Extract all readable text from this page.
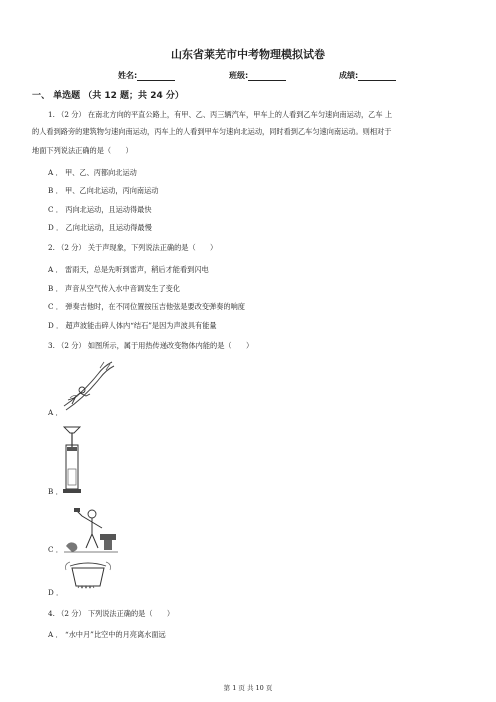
山东省莱芜市中考物理模拟试卷
姓名:	班级:	成绩:
一、 单选题 （共 12 题；共 24 分）
1. （2 分） 在南北方向的平直公路上，有甲、乙、丙三辆汽车，甲车上的人看到乙车匀速向南运动，乙车 上
的人看到路旁的建筑物匀速向南运动，丙车上的人看到甲车匀速向北运动，同时看到乙车匀速向南运动。则相对于
地面下列说法正确的是（　　）
A ． 甲、乙、丙都向北运动
B ． 甲、乙向北运动，丙向南运动
C ． 丙向北运动，且运动得最快
D ． 乙向北运动，且运动得最慢
2. （2 分） 关于声现象，下列说法正确的是（　　）
A ． 雷雨天，总是先听到雷声，稍后才能看到闪电
B ． 声音从空气传入水中音调发生了变化
C ． 弹奏吉他时，在不同位置按压吉他弦是要改变弹奏的响度
D ． 超声波能击碎人体内“结石”是因为声波具有能量
3. （2 分） 如图所示，属于用热传递改变物体内能的是（　　）
A ．
B ．
C ．
D ．
4. （2 分） 下列说法正确的是（　　）
A ． “水中月”比空中的月亮离水面远
第 1 页 共 10 页
